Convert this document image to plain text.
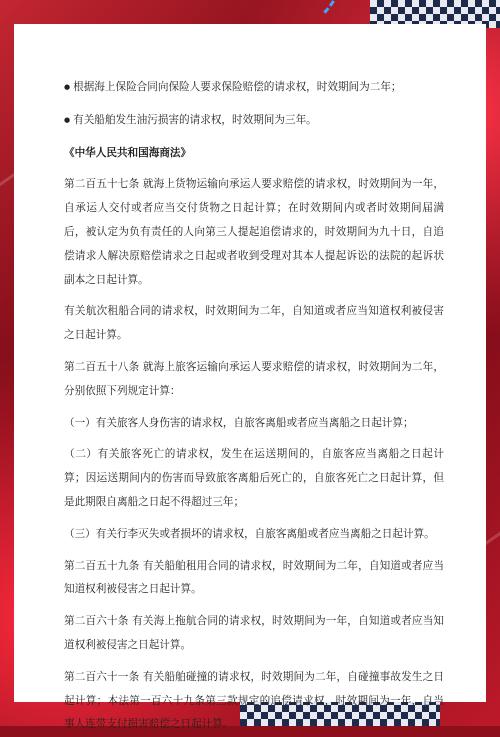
● 根据海上保险合同向保险人要求保险赔偿的请求权，时效期间为二年；

● 有关船舶发生油污损害的请求权，时效期间为三年。

《中华人民共和国海商法》

第二百五十七条 就海上货物运输向承运人要求赔偿的请求权，时效期间为一年，自承运人交付或者应当交付货物之日起计算；在时效期间内或者时效期间届满后，被认定为负有责任的人向第三人提起追偿请求的，时效期间为九十日，自追偿请求人解决原赔偿请求之日起或者收到受理对其本人提起诉讼的法院的起诉状副本之日起计算。

有关航次租船合同的请求权，时效期间为二年，自知道或者应当知道权利被侵害之日起计算。

第二百五十八条 就海上旅客运输向承运人要求赔偿的请求权，时效期间为二年，分别依照下列规定计算：

（一）有关旅客人身伤害的请求权，自旅客离船或者应当离船之日起计算；

（二）有关旅客死亡的请求权，发生在运送期间的，自旅客应当离船之日起计算；因运送期间内的伤害而导致旅客离船后死亡的，自旅客死亡之日起计算，但是此期限自离船之日起不得超过三年；

（三）有关行李灭失或者损坏的请求权，自旅客离船或者应当离船之日起计算。

第二百五十九条 有关船舶租用合同的请求权，时效期间为二年，自知道或者应当知道权利被侵害之日起计算。

第二百六十条 有关海上拖航合同的请求权，时效期间为一年，自知道或者应当知道权利被侵害之日起计算。

第二百六十一条 有关船舶碰撞的请求权，时效期间为二年，自碰撞事故发生之日起计算；本法第一百六十九条第三款规定的追偿请求权，时效期间为一年，自当事人连带支付损害赔偿之日起计算。
